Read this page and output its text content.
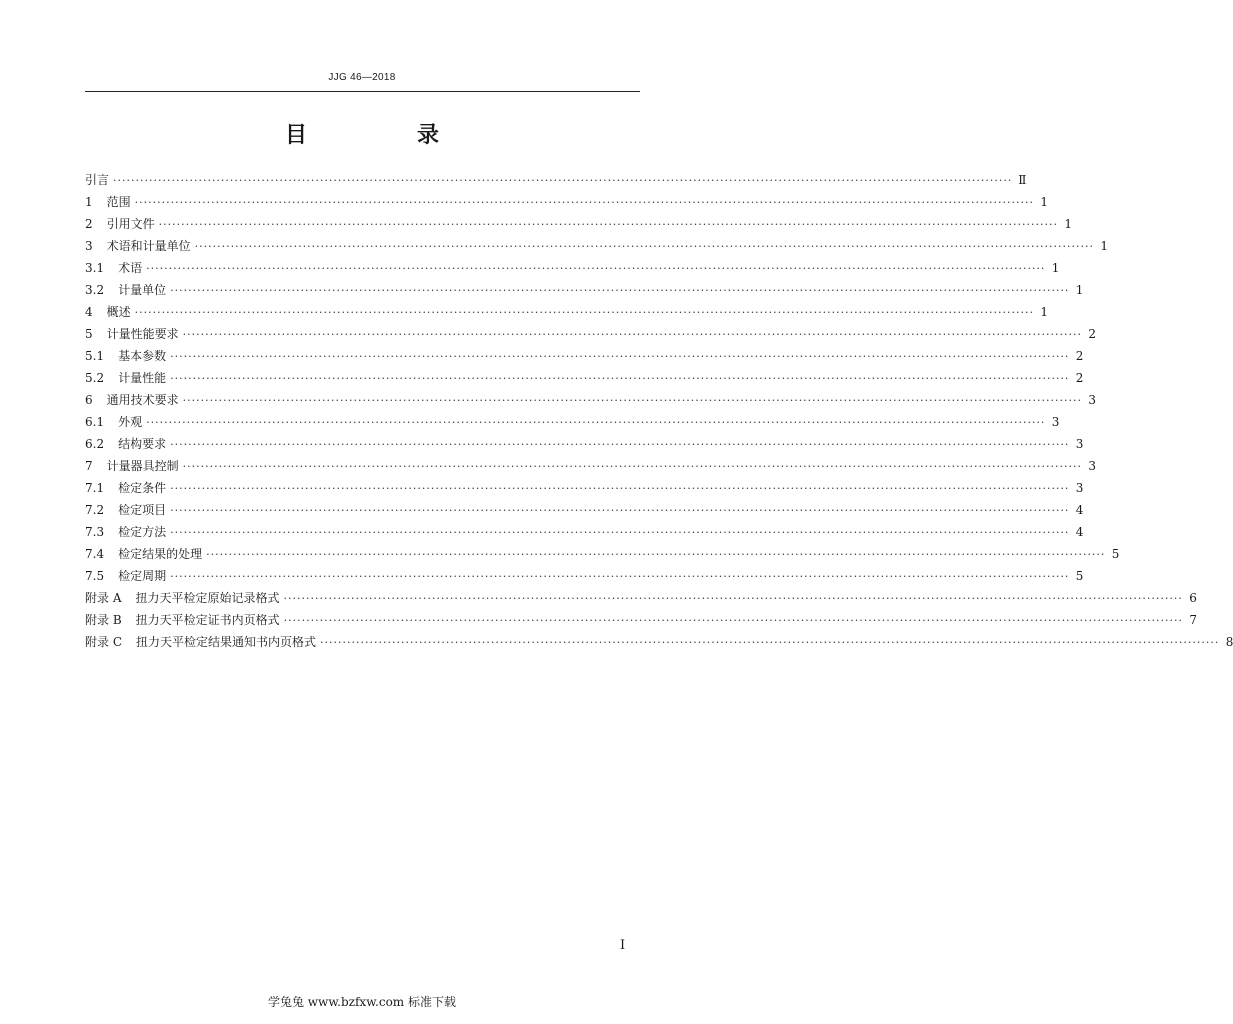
JJG 46—2018
目　录
引言 ········································································································································································································ Ⅱ
1 范围 ········································································································································································································ 1
2 引用文件 ········································································································································································································ 1
3 术语和计量单位 ········································································································································································································ 1
3.1 术语 ········································································································································································································ 1
3.2 计量单位 ········································································································································································································ 1
4 概述 ········································································································································································································ 1
5 计量性能要求 ········································································································································································································ 2
5.1 基本参数 ········································································································································································································ 2
5.2 计量性能 ········································································································································································································ 2
6 通用技术要求 ········································································································································································································ 3
6.1 外观 ········································································································································································································ 3
6.2 结构要求 ········································································································································································································ 3
7 计量器具控制 ········································································································································································································ 3
7.1 检定条件 ········································································································································································································ 3
7.2 检定项目 ········································································································································································································ 4
7.3 检定方法 ········································································································································································································ 4
7.4 检定结果的处理 ········································································································································································································ 5
7.5 检定周期 ········································································································································································································ 5
附录 A 扭力天平检定原始记录格式 ········································································································································································································ 6
附录 B 扭力天平检定证书内页格式 ········································································································································································································ 7
附录 C 扭力天平检定结果通知书内页格式 ········································································································································································································ 8
Ⅰ
学兔兔 www.bzfxw.com 标准下载
